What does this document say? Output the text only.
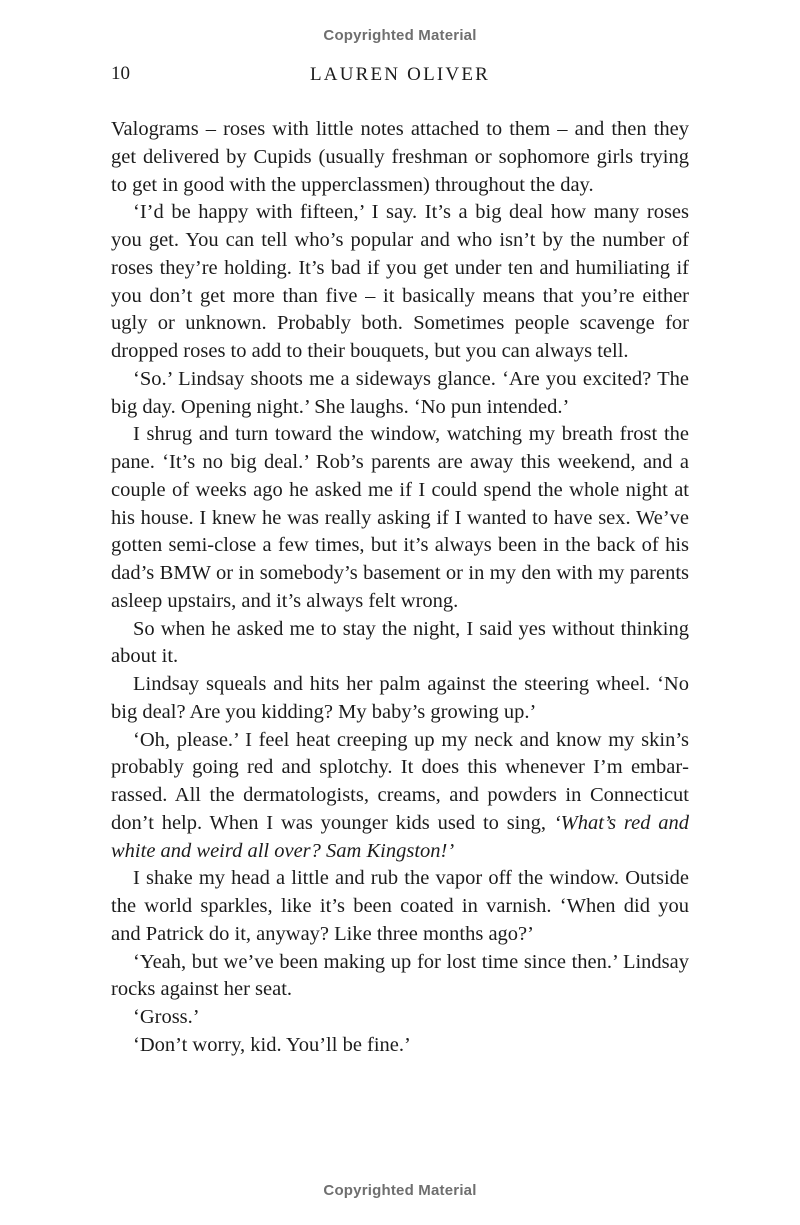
Copyrighted Material
10	LAUREN OLIVER

Valograms – roses with little notes attached to them – and then they get delivered by Cupids (usually freshman or sophomore girls trying to get in good with the upperclassmen) throughout the day.

‘I’d be happy with fifteen,’ I say. It’s a big deal how many roses you get. You can tell who’s popular and who isn’t by the number of roses they’re holding. It’s bad if you get under ten and humiliating if you don’t get more than five – it basically means that you’re either ugly or unknown. Probably both. Sometimes people scavenge for dropped roses to add to their bouquets, but you can always tell.

‘So.’ Lindsay shoots me a sideways glance. ‘Are you excited? The big day. Opening night.’ She laughs. ‘No pun intended.’

I shrug and turn toward the window, watching my breath frost the pane. ‘It’s no big deal.’ Rob’s parents are away this weekend, and a couple of weeks ago he asked me if I could spend the whole night at his house. I knew he was really asking if I wanted to have sex. We’ve gotten semi-close a few times, but it’s always been in the back of his dad’s BMW or in somebody’s basement or in my den with my parents asleep upstairs, and it’s always felt wrong.

So when he asked me to stay the night, I said yes without thinking about it.

Lindsay squeals and hits her palm against the steering wheel. ‘No big deal? Are you kidding? My baby’s growing up.’

‘Oh, please.’ I feel heat creeping up my neck and know my skin’s probably going red and splotchy. It does this whenever I’m embarrassed. All the dermatologists, creams, and powders in Connecticut don’t help. When I was younger kids used to sing, ‘What’s red and white and weird all over? Sam Kingston!’

I shake my head a little and rub the vapor off the window. Outside the world sparkles, like it’s been coated in varnish. ‘When did you and Patrick do it, anyway? Like three months ago?’

‘Yeah, but we’ve been making up for lost time since then.’ Lindsay rocks against her seat.

‘Gross.’

‘Don’t worry, kid. You’ll be fine.’

Copyrighted Material
